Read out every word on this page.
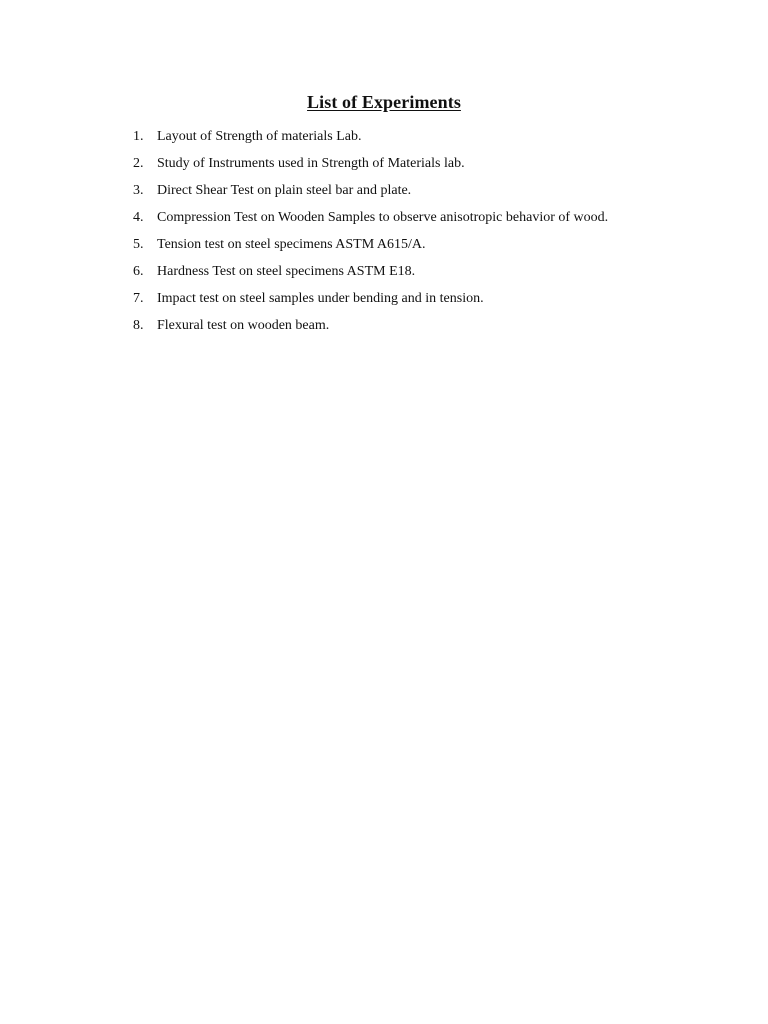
List of Experiments
1. Layout of Strength of materials Lab.
2. Study of Instruments used in Strength of Materials lab.
3. Direct Shear Test on plain steel bar and plate.
4. Compression Test on Wooden Samples to observe anisotropic behavior of wood.
5. Tension test on steel specimens ASTM A615/A.
6. Hardness Test on steel specimens ASTM E18.
7. Impact test on steel samples under bending and in tension.
8. Flexural test on wooden beam.
